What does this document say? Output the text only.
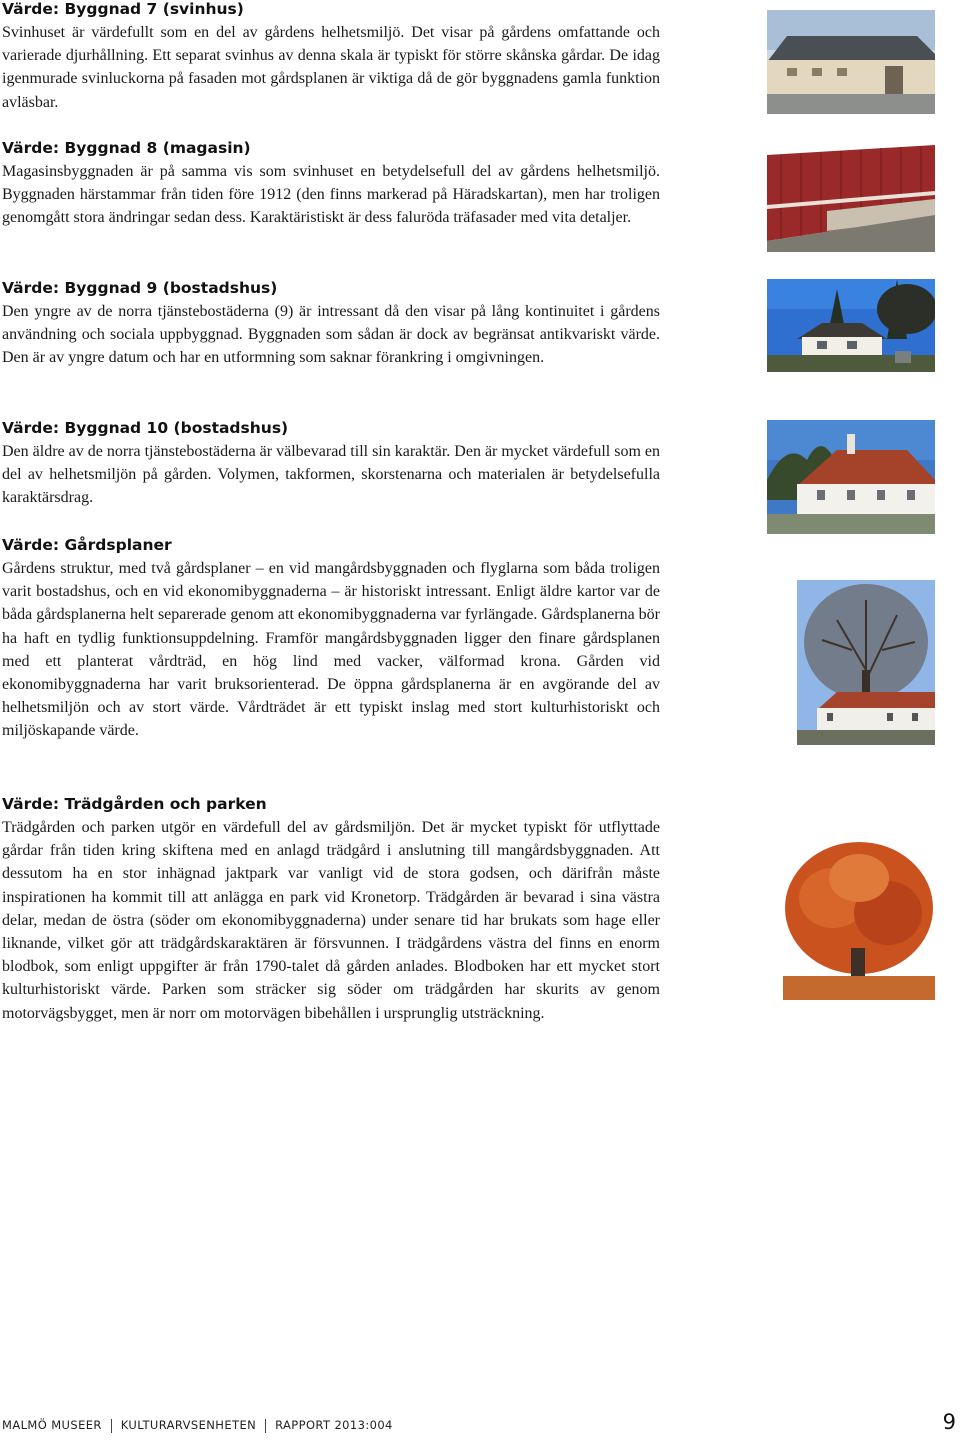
Värde: Byggnad 7 (svinhus)

Svinhuset är värdefullt som en del av gårdens helhetsmiljö. Det visar på gårdens omfattande och varierade djurhållning. Ett separat svinhus av denna skala är typiskt för större skånska gårdar. De idag igenmurade svinluckorna på fasaden mot gårdsplanen är viktiga då de gör byggnadens gamla funktion avläsbar.

Värde: Byggnad 8 (magasin)

Magasinsbyggnaden är på samma vis som svinhuset en betydelsefull del av gårdens helhetsmiljö. Byggnaden härstammar från tiden före 1912 (den finns markerad på Häradskartan), men har troligen genomgått stora ändringar sedan dess. Karaktäristiskt är dess faluröda träfasader med vita detaljer.

Värde: Byggnad 9 (bostadshus)

Den yngre av de norra tjänstebostäderna (9) är intressant då den visar på lång kontinuitet i gårdens användning och sociala uppbyggnad. Byggnaden som sådan är dock av begränsat antikvariskt värde. Den är av yngre datum och har en utformning som saknar förankring i omgivningen.

Värde: Byggnad 10 (bostadshus)

Den äldre av de norra tjänstebostäderna är välbevarad till sin karaktär. Den är mycket värdefull som en del av helhetsmiljön på gården. Volymen, takformen, skorstenarna och materialen är betydelsefulla karaktärsdrag.

Värde: Gårdsplaner

Gårdens struktur, med två gårdsplaner – en vid mangårdsbyggnaden och flyglarna som båda troligen varit bostadshus, och en vid ekonomibyggnaderna – är historiskt intressant. Enligt äldre kartor var de båda gårdsplanerna helt separerade genom att ekonomibyggnaderna var fyrlängade. Gårdsplanerna bör ha haft en tydlig funktionsuppdelning. Framför mangårdsbyggnaden ligger den finare gårdsplanen med ett planterat vårdträd, en hög lind med vacker, välformad krona. Gården vid ekonomibyggnaderna har varit bruksorienterad. De öppna gårdsplanerna är en avgörande del av helhetsmiljön och av stort värde. Vårdträdet är ett typiskt inslag med stort kulturhistoriskt och miljöskapande värde.

Värde: Trädgården och parken

Trädgården och parken utgör en värdefull del av gårdsmiljön. Det är mycket typiskt för utflyttade gårdar från tiden kring skiftena med en anlagd trädgård i anslutning till mangårdsbyggnaden. Att dessutom ha en stor inhägnad jaktpark var vanligt vid de stora godsen, och därifrån måste inspirationen ha kommit till att anlägga en park vid Kronetorp. Trädgården är bevarad i sina västra delar, medan de östra (söder om ekonomibyggnaderna) under senare tid har brukats som hage eller liknande, vilket gör att trädgårdskaraktären är försvunnen. I trädgårdens västra del finns en enorm blodbok, som enligt uppgifter är från 1790-talet då gården anlades. Blodboken har ett mycket stort kulturhistoriskt värde. Parken som sträcker sig söder om trädgården har skurits av genom motorvägsbygget, men är norr om motorvägen bibehållen i ursprunglig utsträckning.

MALMÖ MUSEER KULTURARVSENHETEN RAPPORT 2013:004	9
